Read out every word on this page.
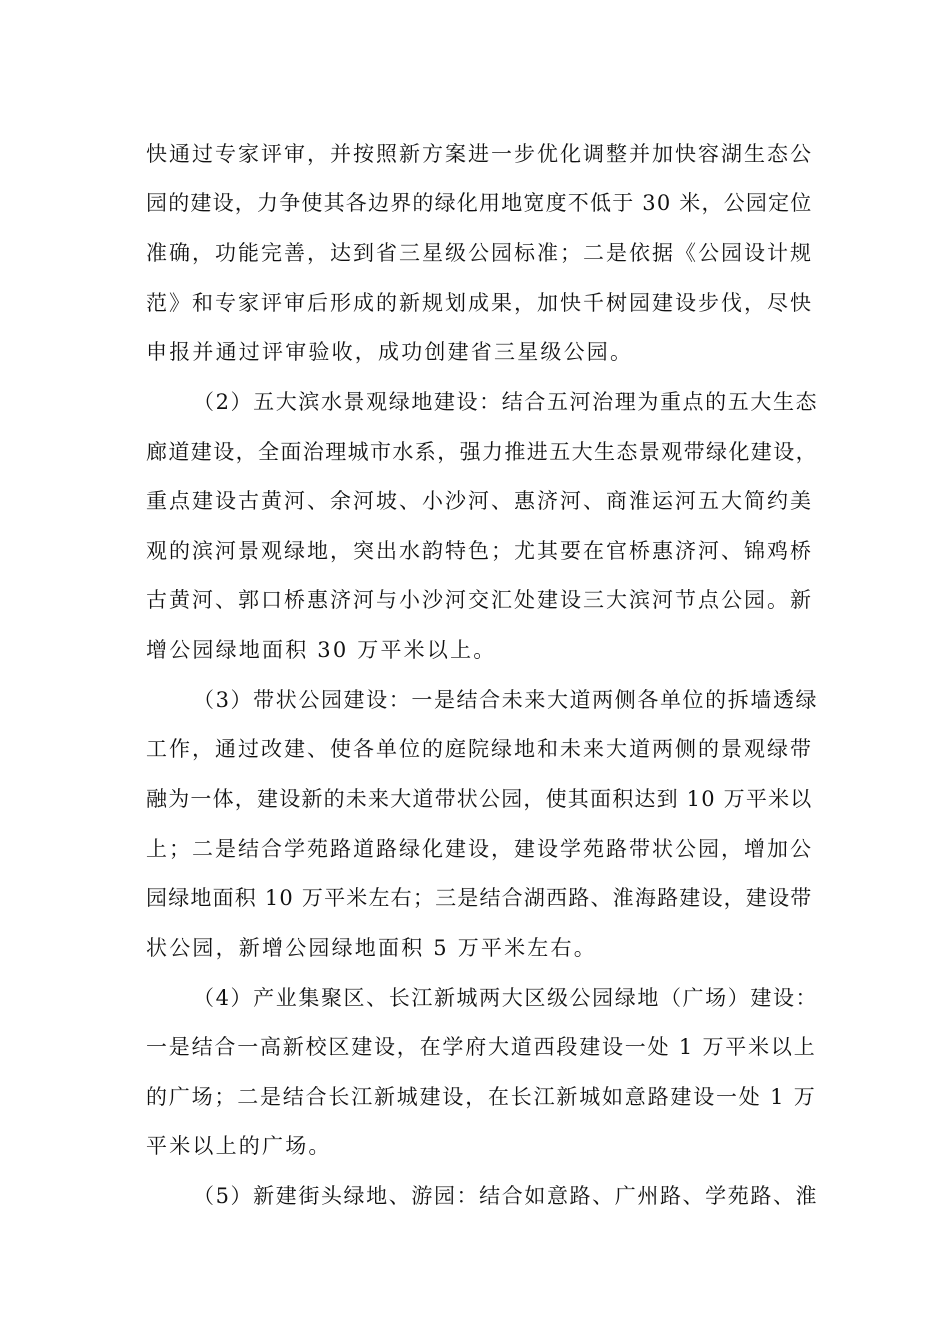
快通过专家评审，并按照新方案进一步优化调整并加快容湖生态公
园的建设，力争使其各边界的绿化用地宽度不低于 30 米，公园定位
准确，功能完善，达到省三星级公园标准；二是依据《公园设计规
范》和专家评审后形成的新规划成果，加快千树园建设步伐，尽快
申报并通过评审验收，成功创建省三星级公园。
（2）五大滨水景观绿地建设：结合五河治理为重点的五大生态
廊道建设，全面治理城市水系，强力推进五大生态景观带绿化建设，
重点建设古黄河、余河坡、小沙河、惠济河、商淮运河五大简约美
观的滨河景观绿地，突出水韵特色；尤其要在官桥惠济河、锦鸡桥
古黄河、郭口桥惠济河与小沙河交汇处建设三大滨河节点公园。新
增公园绿地面积 30 万平米以上。
（3）带状公园建设：一是结合未来大道两侧各单位的拆墙透绿
工作，通过改建、使各单位的庭院绿地和未来大道两侧的景观绿带
融为一体，建设新的未来大道带状公园，使其面积达到 10 万平米以
上；二是结合学苑路道路绿化建设，建设学苑路带状公园，增加公
园绿地面积 10 万平米左右；三是结合湖西路、淮海路建设，建设带
状公园，新增公园绿地面积 5 万平米左右。
（4）产业集聚区、长江新城两大区级公园绿地（广场）建设：
一是结合一高新校区建设，在学府大道西段建设一处 1 万平米以上
的广场；二是结合长江新城建设，在长江新城如意路建设一处 1 万
平米以上的广场。
（5）新建街头绿地、游园：结合如意路、广州路、学苑路、淮
